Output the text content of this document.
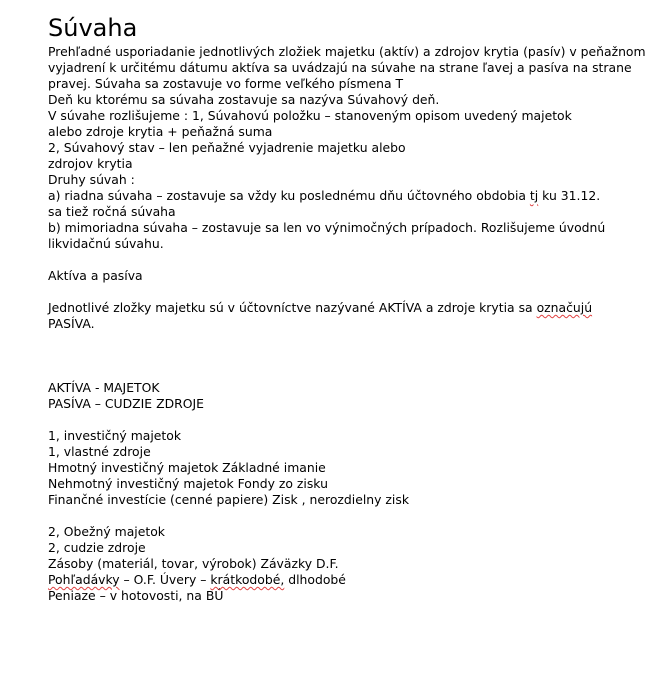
Súvaha
Prehľadné usporiadanie jednotlivých zložiek majetku (aktív) a zdrojov krytia (pasív) v peňažnom
vyjadrení k určitému dátumu aktíva sa uvádzajú na súvahe na strane ľavej a pasíva na strane
pravej. Súvaha sa zostavuje vo forme veľkého písmena T
Deň ku ktorému sa súvaha zostavuje sa nazýva Súvahový deň.
V súvahe rozlišujeme : 1, Súvahovú položku – stanoveným opisom uvedený majetok
alebo zdroje krytia + peňažná suma
2, Súvahový stav – len peňažné vyjadrenie majetku alebo
zdrojov krytia
Druhy súvah :
a) riadna súvaha – zostavuje sa vždy ku poslednému dňu účtovného obdobia tj ku 31.12.
sa tiež ročná súvaha
b) mimoriadna súvaha – zostavuje sa len vo výnimočných prípadoch. Rozlišujeme úvodnú
likvidačnú súvahu.
Aktíva a pasíva
Jednotlivé zložky majetku sú v účtovníctve nazývané AKTÍVA a zdroje krytia sa označujú
PASÍVA.
AKTÍVA - MAJETOK
PASÍVA – CUDZIE ZDROJE
1, investičný majetok
1, vlastné zdroje
Hmotný investičný majetok Základné imanie
Nehmotný investičný majetok Fondy zo zisku
Finančné investície (cenné papiere) Zisk , nerozdielny zisk
2, Obežný majetok
2, cudzie zdroje
Zásoby (materiál, tovar, výrobok) Záväzky D.F.
Pohľadávky – O.F. Úvery – krátkodobé, dlhodobé
Peniaze – v hotovosti, na BÚ
